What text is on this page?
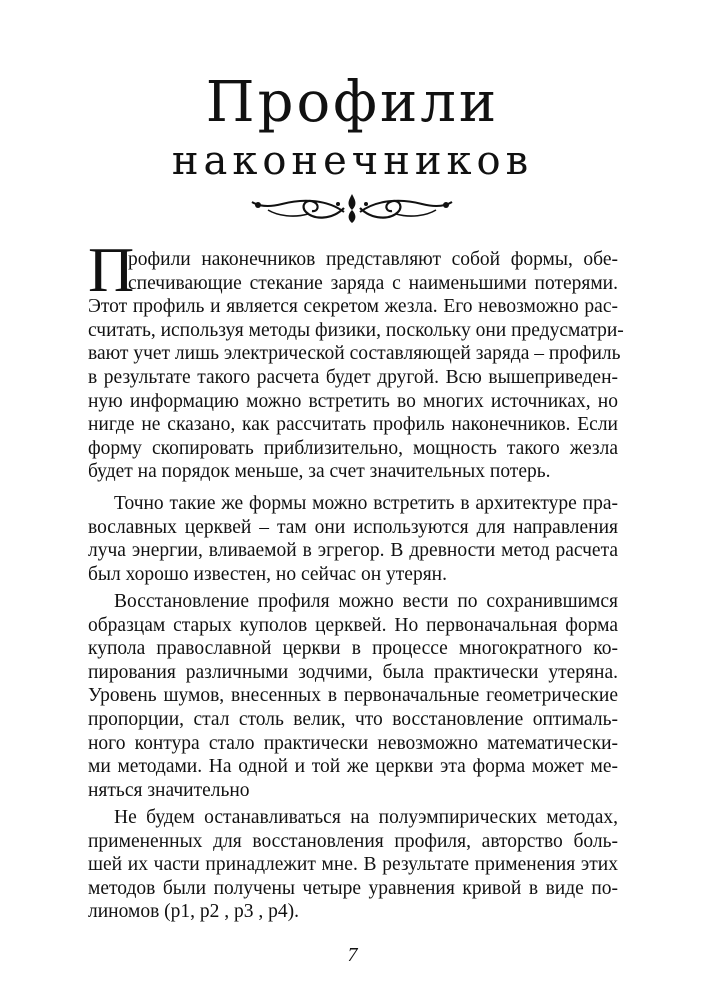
Профили
наконечников
П
рофили наконечников представляют собой формы, обе-
спечивающие стекание заряда с наименьшими потерями.
Этот профиль и является секретом жезла. Его невозможно рас-
считать, используя методы физики, поскольку они предусматри-
вают учет лишь электрической составляющей заряда – профиль
в результате такого расчета будет другой. Всю вышеприведен-
ную информацию можно встретить во многих источниках, но
нигде не сказано, как рассчитать профиль наконечников. Если
форму скопировать приблизительно, мощность такого жезла
будет на порядок меньше, за счет значительных потерь.
Точно такие же формы можно встретить в архитектуре пра-
вославных церквей – там они используются для направления
луча энергии, вливаемой в эгрегор. В древности метод расчета
был хорошо известен, но сейчас он утерян.
Восстановление профиля можно вести по сохранившимся
образцам старых куполов церквей. Но первоначальная форма
купола православной церкви в процессе многократного ко-
пирования различными зодчими, была практически утеряна.
Уровень шумов, внесенных в первоначальные геометрические
пропорции, стал столь велик, что восстановление оптималь-
ного контура стало практически невозможно математически-
ми методами. На одной и той же церкви эта форма может ме-
няться значительно
Не будем останавливаться на полуэмпирических методах,
примененных для восстановления профиля, авторство боль-
шей их части принадлежит мне. В результате применения этих
методов были получены четыре уравнения кривой в виде по-
линомов (p1, p2 , p3 , p4).
7
